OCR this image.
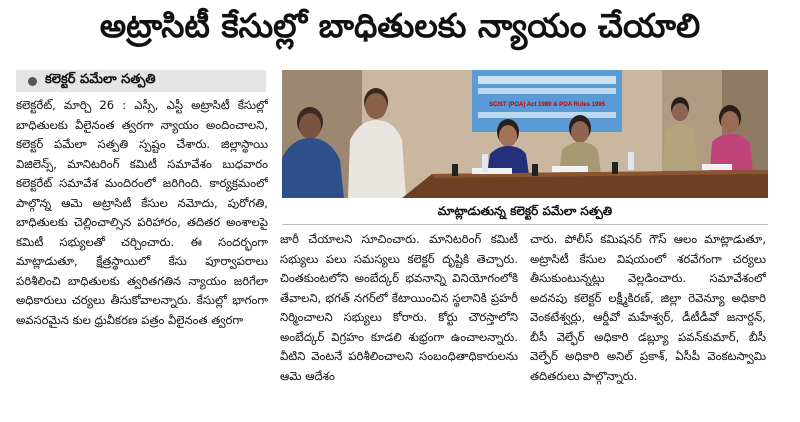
అట్రాసిటీ కేసుల్లో బాధితులకు న్యాయం చేయాలి
కలెక్టర్ పమేలా సత్పతి

కలెక్టరేట్, మార్చి 26 : ఎస్సీ, ఎస్టీ అట్రాసిటీ కేసుల్లో బాధితులకు వీలైనంత త్వరగా న్యాయం అందించాలని, కలెక్టర్ పమేలా సత్పతి స్పష్టం చేశారు. జిల్లాస్థాయి విజిలెన్స్, మానిటరింగ్ కమిటీ సమావేశం బుధవారం కలెక్టరేట్ సమావేశ మందిరంలో జరిగింది. కార్యక్రమంలో పాల్గొన్న ఆమె అట్రాసిటీ కేసుల నమోదు, పురోగతి, బాధితులకు చెల్లించాల్సిన పరిహారం, తదితర అంశాలపై కమిటీ సభ్యులతో చర్చించారు. ఈ సందర్భంగా మాట్లాడుతూ, క్షేత్రస్థాయిలో కేసు పూర్వాపరాలు పరిశీలించి బాధితులకు త్వరితగతిన న్యాయం జరిగేలా అధికారులు చర్యలు తీసుకోవాలన్నారు. కేసుల్లో భాగంగా అవసరమైన కుల ధ్రువీకరణ పత్రం వీలైనంత త్వరగా

SC/ST (POA) Act 1989 & POA Rules 1995
మాట్లాడుతున్న కలెక్టర్ పమేలా సత్పతి

జారీ చేయాలని సూచించారు. మానిటరింగ్ కమిటీ సభ్యులు పలు సమస్యలు కలెక్టర్ దృష్టికి తెచ్చారు. చింతకుంటలోని అంబేద్కర్ భవనాన్ని వినియోగంలోకి తేవాలని, భగత్ నగర్‌లో కేటాయించిన స్థలానికి ప్రహరీ నిర్మించాలని సభ్యులు కోరారు. కోర్టు చౌరస్తాలోని అంబేద్కర్ విగ్రహం కూడలి శుభ్రంగా ఉంచాలన్నారు. వీటిని వెంటనే పరిశీలించాలని సంబంధితాధికారులను ఆమె ఆదేశం

చారు. పోలీస్ కమిషనర్ గౌస్ ఆలం మాట్లాడుతూ, అట్రాసిటీ కేసుల విషయంలో శరవేగంగా చర్యలు తీసుకుంటున్నట్లు వెల్లడించారు. సమావేశంలో అదనపు కలెక్టర్ లక్ష్మీకిరణ్, జిల్లా రెవెన్యూ అధికారి వెంకటేశ్వర్లు, ఆర్డీవో మహేశ్వర్, డీటీడీవో జనార్దన్, బీసీ వెల్ఫేర్ అధికారి డబ్ల్యూ పవన్‌కుమార్, బీసీ వెల్ఫేర్ అధికారి అనిల్ ప్రకాశ్, ఏసీపీ వెంకటస్వామి తదితరులు పాల్గొన్నారు.
